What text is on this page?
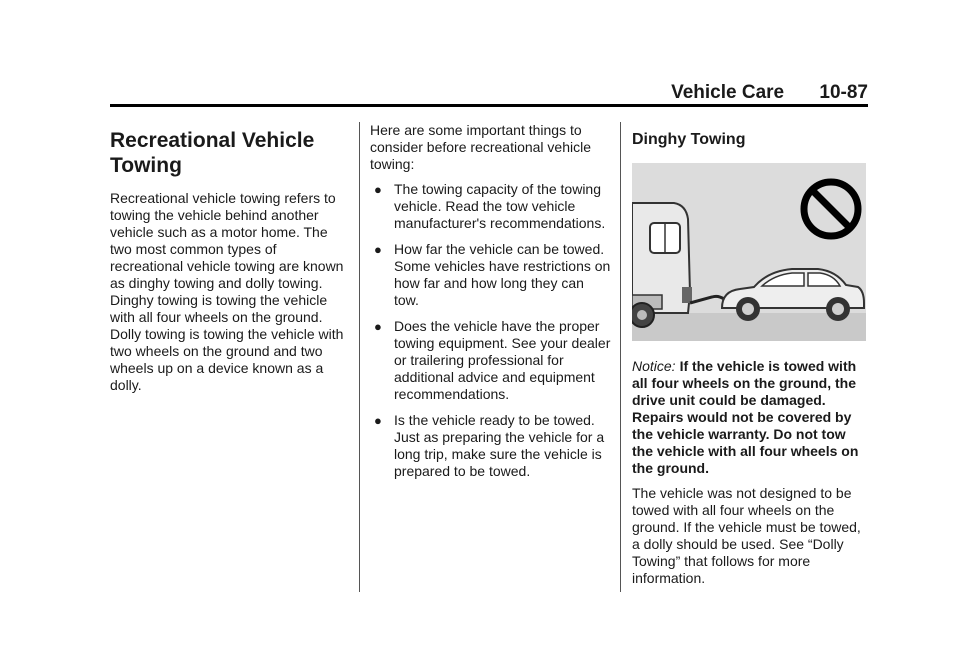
Vehicle Care 10-87
Recreational Vehicle Towing

Recreational vehicle towing refers to towing the vehicle behind another vehicle such as a motor home. The two most common types of recreational vehicle towing are known as dinghy towing and dolly towing. Dinghy towing is towing the vehicle with all four wheels on the ground. Dolly towing is towing the vehicle with two wheels on the ground and two wheels up on a device known as a dolly.

Here are some important things to consider before recreational vehicle towing:

● The towing capacity of the towing vehicle. Read the tow vehicle manufacturer's recommendations.
● How far the vehicle can be towed. Some vehicles have restrictions on how far and how long they can tow.
● Does the vehicle have the proper towing equipment. See your dealer or trailering professional for additional advice and equipment recommendations.
● Is the vehicle ready to be towed. Just as preparing the vehicle for a long trip, make sure the vehicle is prepared to be towed.
Dinghy Towing

Notice: If the vehicle is towed with all four wheels on the ground, the drive unit could be damaged. Repairs would not be covered by the vehicle warranty. Do not tow the vehicle with all four wheels on the ground.

The vehicle was not designed to be towed with all four wheels on the ground. If the vehicle must be towed, a dolly should be used. See “Dolly Towing” that follows for more information.
